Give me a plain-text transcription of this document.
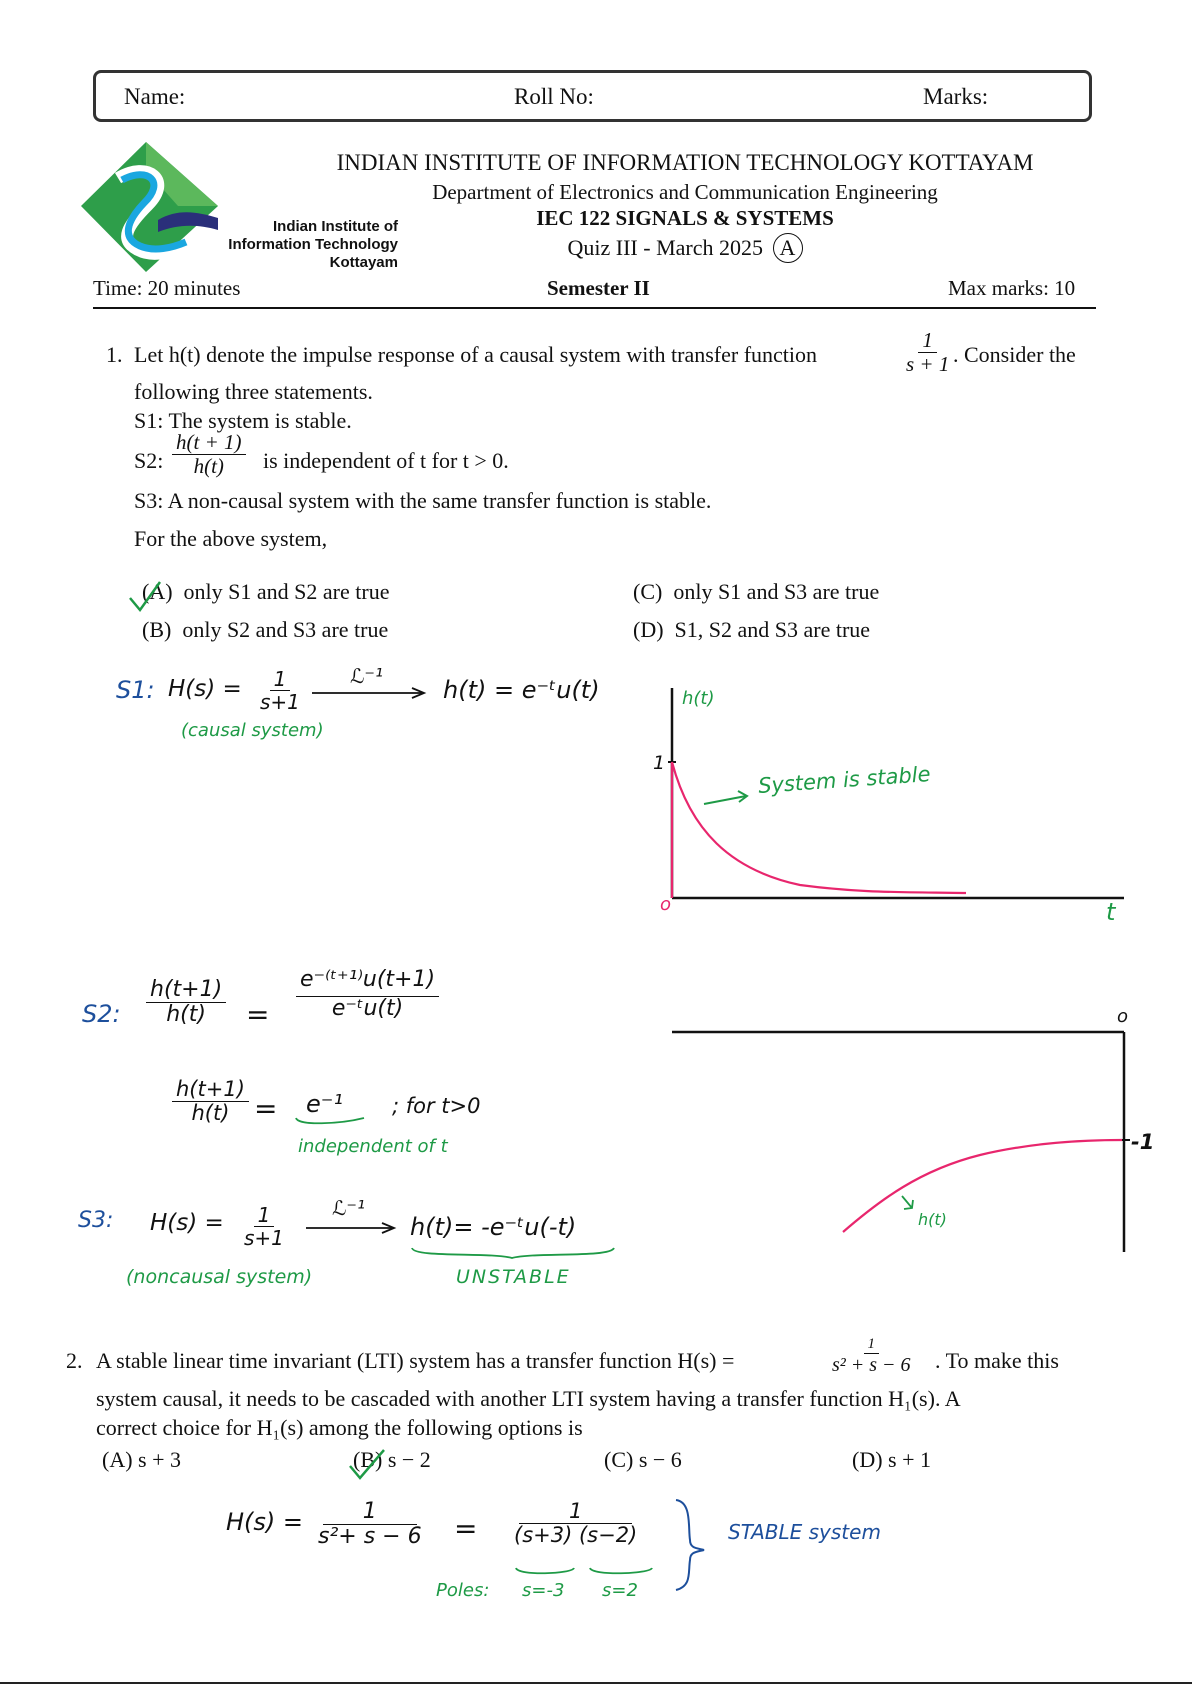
Name:	Roll No:	Marks:
Indian Institute of
Information Technology
Kottayam
INDIAN INSTITUTE OF INFORMATION TECHNOLOGY KOTTAYAM
Department of Electronics and Communication Engineering
IEC 122 SIGNALS & SYSTEMS
Quiz III - March 2025 A
Time: 20 minutes	Semester II	Max marks: 10
1. Let h(t) denote the impulse response of a causal system with transfer function	$\frac{1}{s + 1}$ . Consider the
following three statements.
S1: The system is stable.
S2: $\frac{h(t + 1)}{h(t)}$ is independent of t for t > 0.
S3: A non-causal system with the same transfer function is stable.
For the above system,
(A) only S1 and S2 are true
(B) only S2 and S3 are true
(C) only S1 and S3 are true
(D) S1, S2 and S3 are true
S1: $H(s) = \frac{1}{s+1}$ ℒ⁻¹	h(t) = e⁻ᵗu(t)
(causal system)
h(t)
1	System is stable
o	t
S2: $\frac{h(t+1)}{h(t)} = \frac{\text{e⁻⁽ᵗ⁺¹⁾u(t+1)}}{\text{e⁻ᵗu(t)}}$
$\frac{h(t+1)}{h(t)} = e^{-1}$ ; for t>0
independent of t
S3: $H(s) = \frac{1}{s+1}$ ℒ⁻¹
h(t)= -e⁻ᵗu(-t)
(noncausal system)	UNSTABLE
o
-1
h(t)
2. A stable linear time invariant (LTI) system has a transfer function H(s) =	$\frac{1}{\text{s² + s − 6}}$ . To make this
system causal, it needs to be cascaded with another LTI system having a transfer function H₁(s). A
correct choice for H₁(s) among the following options is
(A) s + 3	(B) s − 2	(C) s − 6	(D) s + 1
$H(s) = \frac{1}{\text{s²+ s − 6}} = \frac{1}{(s+3) (s-2)}$	STABLE system
Poles: s=-3 s=2
